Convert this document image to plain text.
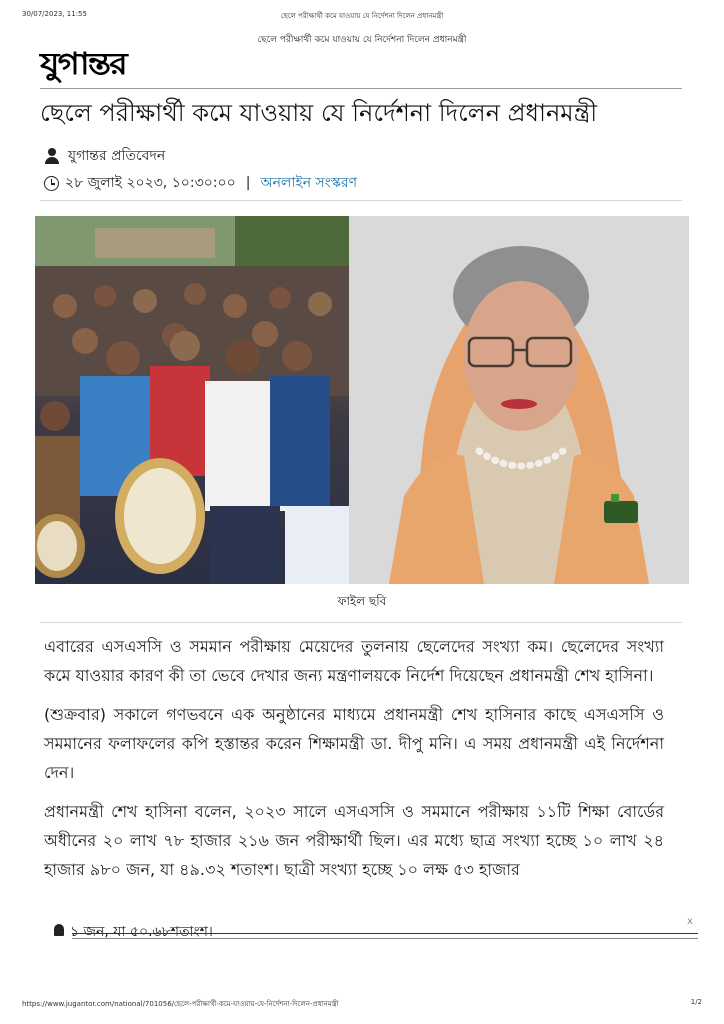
30/07/2023, 11:55	ছেলে পরীক্ষার্থী কমে যাওয়ায় যে নির্দেশনা দিলেন প্রধানমন্ত্রী
ছেলে পরীক্ষার্থী কমে যাওয়ায় যে নির্দেশনা দিলেন প্রধানমন্ত্রী
যুগান্তর
ছেলে পরীক্ষার্থী কমে যাওয়ায় যে নির্দেশনা দিলেন প্রধানমন্ত্রী
যুগান্তর প্রতিবেদন
২৮ জুলাই ২০২৩, ১০:৩০:০০ | অনলাইন সংস্করণ
ফাইল ছবি

এবারের এসএসসি ও সমমান পরীক্ষায় মেয়েদের তুলনায় ছেলেদের সংখ্যা কম। ছেলেদের সংখ্যা কমে যাওয়ার কারণ কী তা ভেবে দেখার জন্য মন্ত্রণালয়কে নির্দেশ দিয়েছেন প্রধানমন্ত্রী শেখ হাসিনা।

(শুক্রবার) সকালে গণভবনে এক অনুষ্ঠানের মাধ্যমে প্রধানমন্ত্রী শেখ হাসিনার কাছে এসএসসি ও সমমানের ফলাফলের কপি হস্তান্তর করেন শিক্ষামন্ত্রী ডা. দীপু মনি। এ সময় প্রধানমন্ত্রী এই নির্দেশনা দেন।

প্রধানমন্ত্রী শেখ হাসিনা বলেন, ২০২৩ সালে এসএসসি ও সমমানে পরীক্ষায় ১১টি শিক্ষা বোর্ডের অধীনের ২০ লাখ ৭৮ হাজার ২১৬ জন পরীক্ষার্থী ছিল। এর মধ্যে ছাত্র সংখ্যা হচ্ছে ১০ লাখ ২৪ হাজার ৯৮০ জন, যা ৪৯.৩২ শতাংশ। ছাত্রী সংখ্যা হচ্ছে ১০ লক্ষ ৫৩ হাজার

১ জন, যা ৫০.৬৮শতাংশ।
x
https://www.jugantor.com/national/701056/ছেলে-পরীক্ষার্থী-কমে-যাওয়ায়-যে-নির্দেশনা-দিলেন-প্রধানমন্ত্রী	1/2
